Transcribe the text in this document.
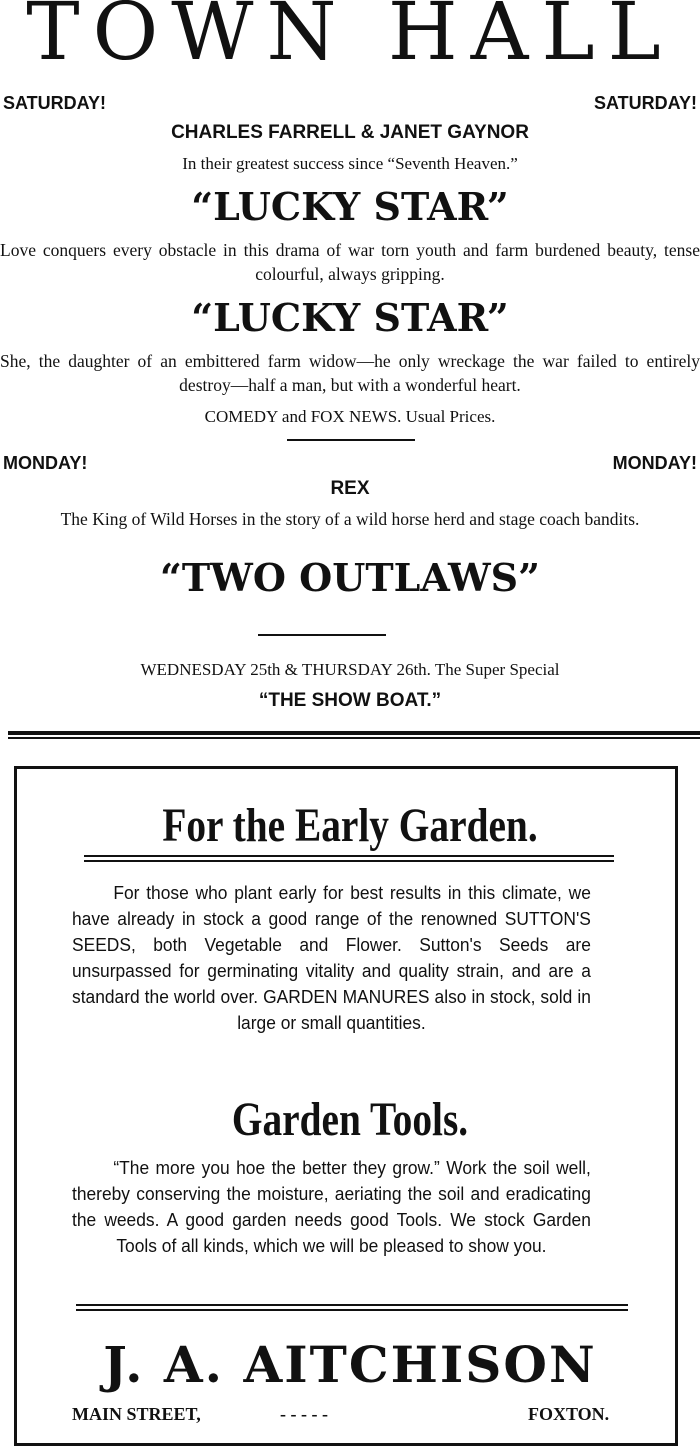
TOWN HALL
SATURDAY!	SATURDAY!
CHARLES FARRELL & JANET GAYNOR
In their greatest success since “Seventh Heaven.”
“LUCKY STAR”
Love conquers every obstacle in this drama of war torn youth and farm burdened beauty, tense colourful, always gripping.
“LUCKY STAR”
She, the daughter of an embittered farm widow—he only wreckage the war failed to entirely destroy—half a man, but with a wonderful heart.
COMEDY and FOX NEWS. Usual Prices.
MONDAY!	MONDAY!
REX
The King of Wild Horses in the story of a wild horse herd and stage coach bandits.
“TWO OUTLAWS”
WEDNESDAY 25th & THURSDAY 26th. The Super Special
“THE SHOW BOAT.”
For the Early Garden.
For those who plant early for best results in this climate, we have already in stock a good range of the renowned SUTTON'S SEEDS, both Vegetable and Flower. Sutton's Seeds are unsurpassed for germinating vitality and quality strain, and are a standard the world over. GARDEN MANURES also in stock, sold in large or small quantities.
Garden Tools.
“The more you hoe the better they grow.” Work the soil well, thereby conserving the moisture, aeriating the soil and eradicating the weeds. A good garden needs good Tools. We stock Garden Tools of all kinds, which we will be pleased to show you.
J. A. AITCHISON
MAIN STREET,	- - - - -	FOXTON.
